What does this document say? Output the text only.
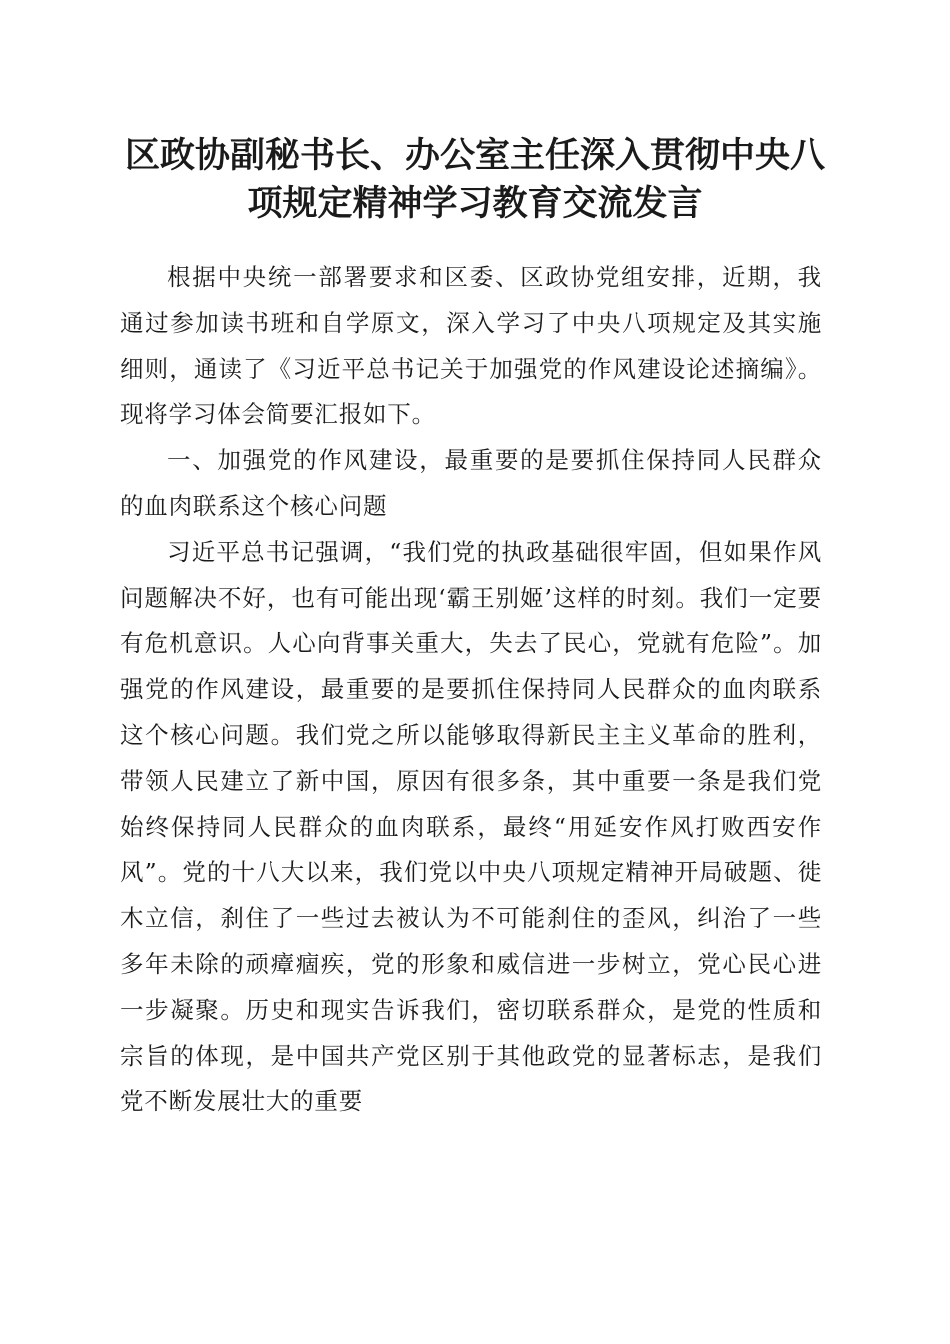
区政协副秘书长、办公室主任深入贯彻中央八项规定精神学习教育交流发言

根据中央统一部署要求和区委、区政协党组安排，近期，我通过参加读书班和自学原文，深入学习了中央八项规定及其实施细则，通读了《习近平总书记关于加强党的作风建设论述摘编》。现将学习体会简要汇报如下。

一、加强党的作风建设，最重要的是要抓住保持同人民群众的血肉联系这个核心问题

习近平总书记强调，“我们党的执政基础很牢固，但如果作风问题解决不好，也有可能出现‘霸王别姬’这样的时刻。我们一定要有危机意识。人心向背事关重大，失去了民心，党就有危险”。加强党的作风建设，最重要的是要抓住保持同人民群众的血肉联系这个核心问题。我们党之所以能够取得新民主主义革命的胜利，带领人民建立了新中国，原因有很多条，其中重要一条是我们党始终保持同人民群众的血肉联系，最终“用延安作风打败西安作风”。党的十八大以来，我们党以中央八项规定精神开局破题、徙木立信，刹住了一些过去被认为不可能刹住的歪风，纠治了一些多年未除的顽瘴痼疾，党的形象和威信进一步树立，党心民心进一步凝聚。历史和现实告诉我们，密切联系群众，是党的性质和宗旨的体现，是中国共产党区别于其他政党的显著标志，是我们党不断发展壮大的重要
